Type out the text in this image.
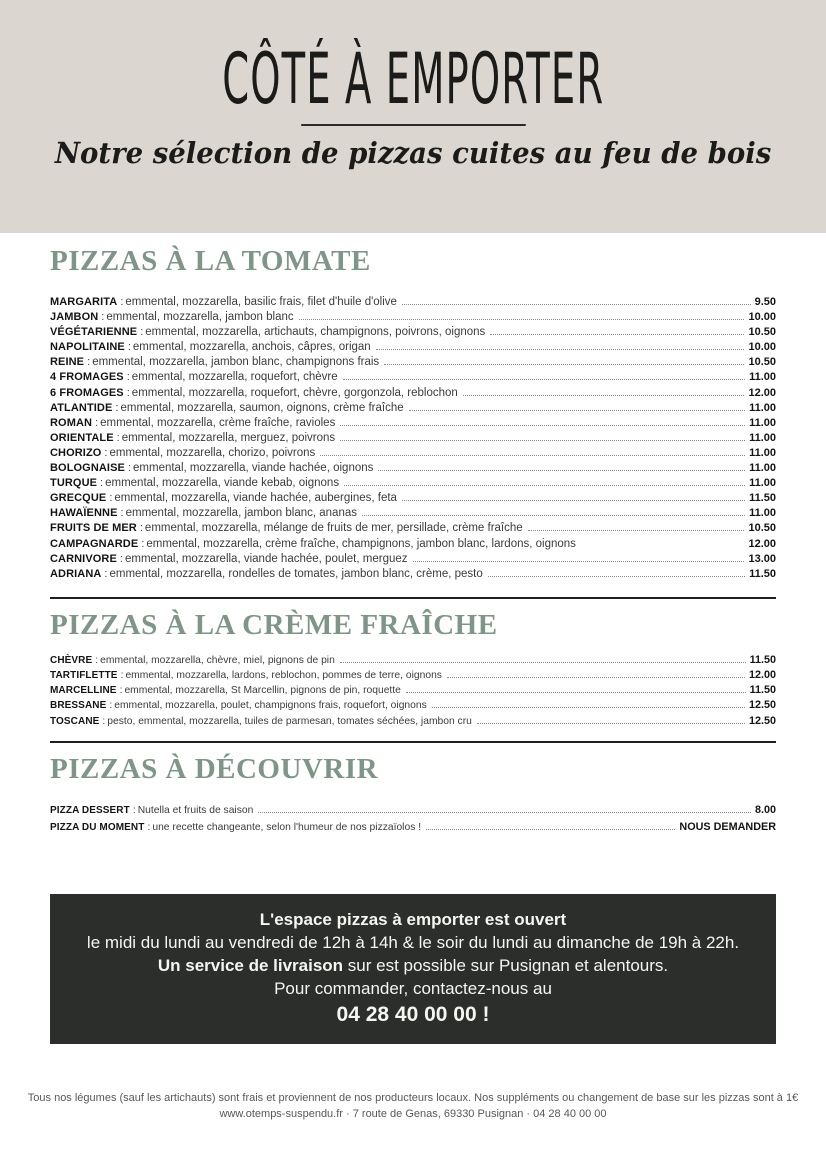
CÔTÉ À EMPORTER
Notre sélection de pizzas cuites au feu de bois
PIZZAS À LA TOMATE
MARGARITA : emmental, mozzarella, basilic frais, filet d'huile d'olive	9.50
JAMBON : emmental, mozzarella, jambon blanc	10.00
VÉGÉTARIENNE : emmental, mozzarella, artichauts, champignons, poivrons, oignons	10.50
NAPOLITAINE : emmental, mozzarella, anchois, câpres, origan	10.00
REINE : emmental, mozzarella, jambon blanc, champignons frais	10.50
4 FROMAGES : emmental, mozzarella, roquefort, chèvre	11.00
6 FROMAGES : emmental, mozzarella, roquefort, chèvre, gorgonzola, reblochon	12.00
ATLANTIDE : emmental, mozzarella, saumon, oignons, crème fraîche	11.00
ROMAN : emmental, mozzarella, crème fraîche, ravioles	11.00
ORIENTALE : emmental, mozzarella, merguez, poivrons	11.00
CHORIZO : emmental, mozzarella, chorizo, poivrons	11.00
BOLOGNAISE : emmental, mozzarella, viande hachée, oignons	11.00
TURQUE : emmental, mozzarella, viande kebab, oignons	11.00
GRECQUE : emmental, mozzarella, viande hachée, aubergines, feta	11.50
HAWAÏENNE : emmental, mozzarella, jambon blanc, ananas	11.00
FRUITS DE MER : emmental, mozzarella, mélange de fruits de mer, persillade, crème fraîche	10.50
CAMPAGNARDE : emmental, mozzarella, crème fraîche, champignons, jambon blanc, lardons, oignons	12.00
CARNIVORE : emmental, mozzarella, viande hachée, poulet, merguez	13.00
ADRIANA : emmental, mozzarella, rondelles de tomates, jambon blanc, crème, pesto	11.50
PIZZAS À LA CRÈME FRAÎCHE
CHÈVRE : emmental, mozzarella, chèvre, miel, pignons de pin	11.50
TARTIFLETTE : emmental, mozzarella, lardons, reblochon, pommes de terre, oignons	12.00
MARCELLINE : emmental, mozzarella, St Marcellin, pignons de pin, roquette	11.50
BRESSANE : emmental, mozzarella, poulet, champignons frais, roquefort, oignons	12.50
TOSCANE : pesto, emmental, mozzarella, tuiles de parmesan, tomates séchées, jambon cru	12.50
PIZZAS À DÉCOUVRIR
PIZZA DESSERT : Nutella et fruits de saison	8.00
PIZZA DU MOMENT : une recette changeante, selon l'humeur de nos pizzaïolos !	NOUS DEMANDER

L'espace pizzas à emporter est ouvert

le midi du lundi au vendredi de 12h à 14h & le soir du lundi au dimanche de 19h à 22h.

Un service de livraison sur est possible sur Pusignan et alentours.

Pour commander, contactez-nous au

04 28 40 00 00 !

Tous nos légumes (sauf les artichauts) sont frais et proviennent de nos producteurs locaux. Nos suppléments ou changement de base sur les pizzas sont à 1€

www.otemps-suspendu.fr · 7 route de Genas, 69330 Pusignan · 04 28 40 00 00
